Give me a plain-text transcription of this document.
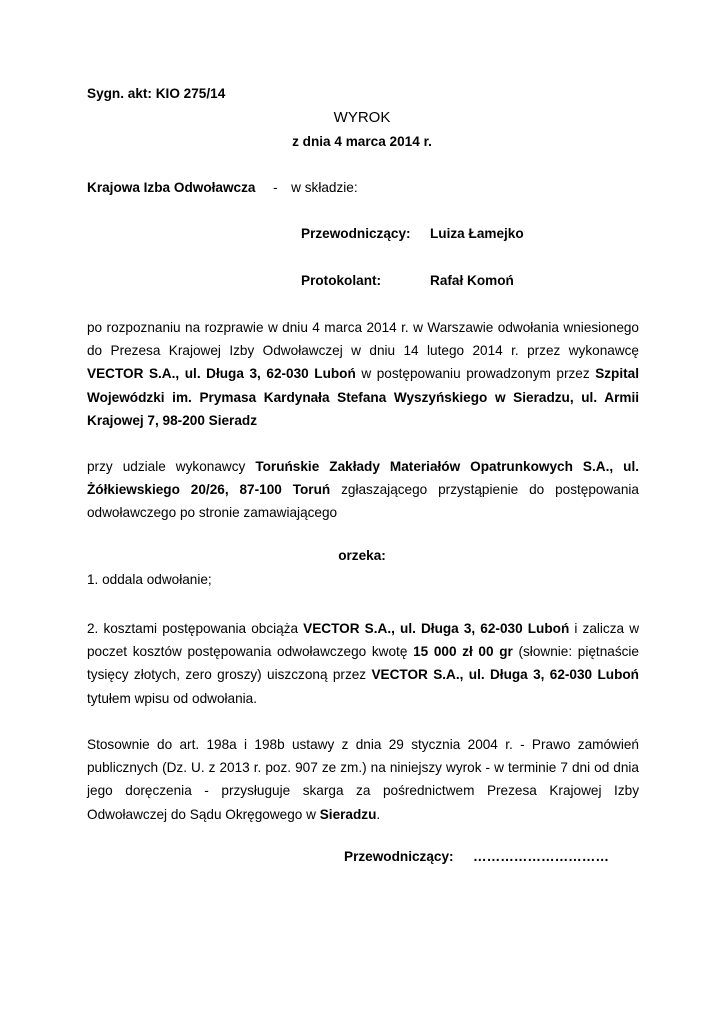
Sygn. akt: KIO 275/14
WYROK
z dnia 4 marca 2014 r.
Krajowa Izba Odwoławcza - w składzie:
Przewodniczący: Luiza Łamejko
Protokolant:	Rafał Komoń
po rozpoznaniu na rozprawie w dniu 4 marca 2014 r. w Warszawie odwołania wniesionego do Prezesa Krajowej Izby Odwoławczej w dniu 14 lutego 2014 r. przez wykonawcę VECTOR S.A., ul. Długa 3, 62-030 Luboń w postępowaniu prowadzonym przez Szpital Wojewódzki im. Prymasa Kardynała Stefana Wyszyńskiego w Sieradzu, ul. Armii Krajowej 7, 98-200 Sieradz
przy udziale wykonawcy Toruńskie Zakłady Materiałów Opatrunkowych S.A., ul. Żółkiewskiego 20/26, 87-100 Toruń zgłaszającego przystąpienie do postępowania odwoławczego po stronie zamawiającego
orzeka:
1. oddala odwołanie;
2. kosztami postępowania obciąża VECTOR S.A., ul. Długa 3, 62-030 Luboń i zalicza w poczet kosztów postępowania odwoławczego kwotę 15 000 zł 00 gr (słownie: piętnaście tysięcy złotych, zero groszy) uiszczoną przez VECTOR S.A., ul. Długa 3, 62-030 Luboń tytułem wpisu od odwołania.
Stosownie do art. 198a i 198b ustawy z dnia 29 stycznia 2004 r. - Prawo zamówień publicznych (Dz. U. z 2013 r. poz. 907 ze zm.) na niniejszy wyrok - w terminie 7 dni od dnia jego doręczenia - przysługuje skarga za pośrednictwem Prezesa Krajowej Izby Odwoławczej do Sądu Okręgowego w Sieradzu.
Przewodniczący: …………………………
